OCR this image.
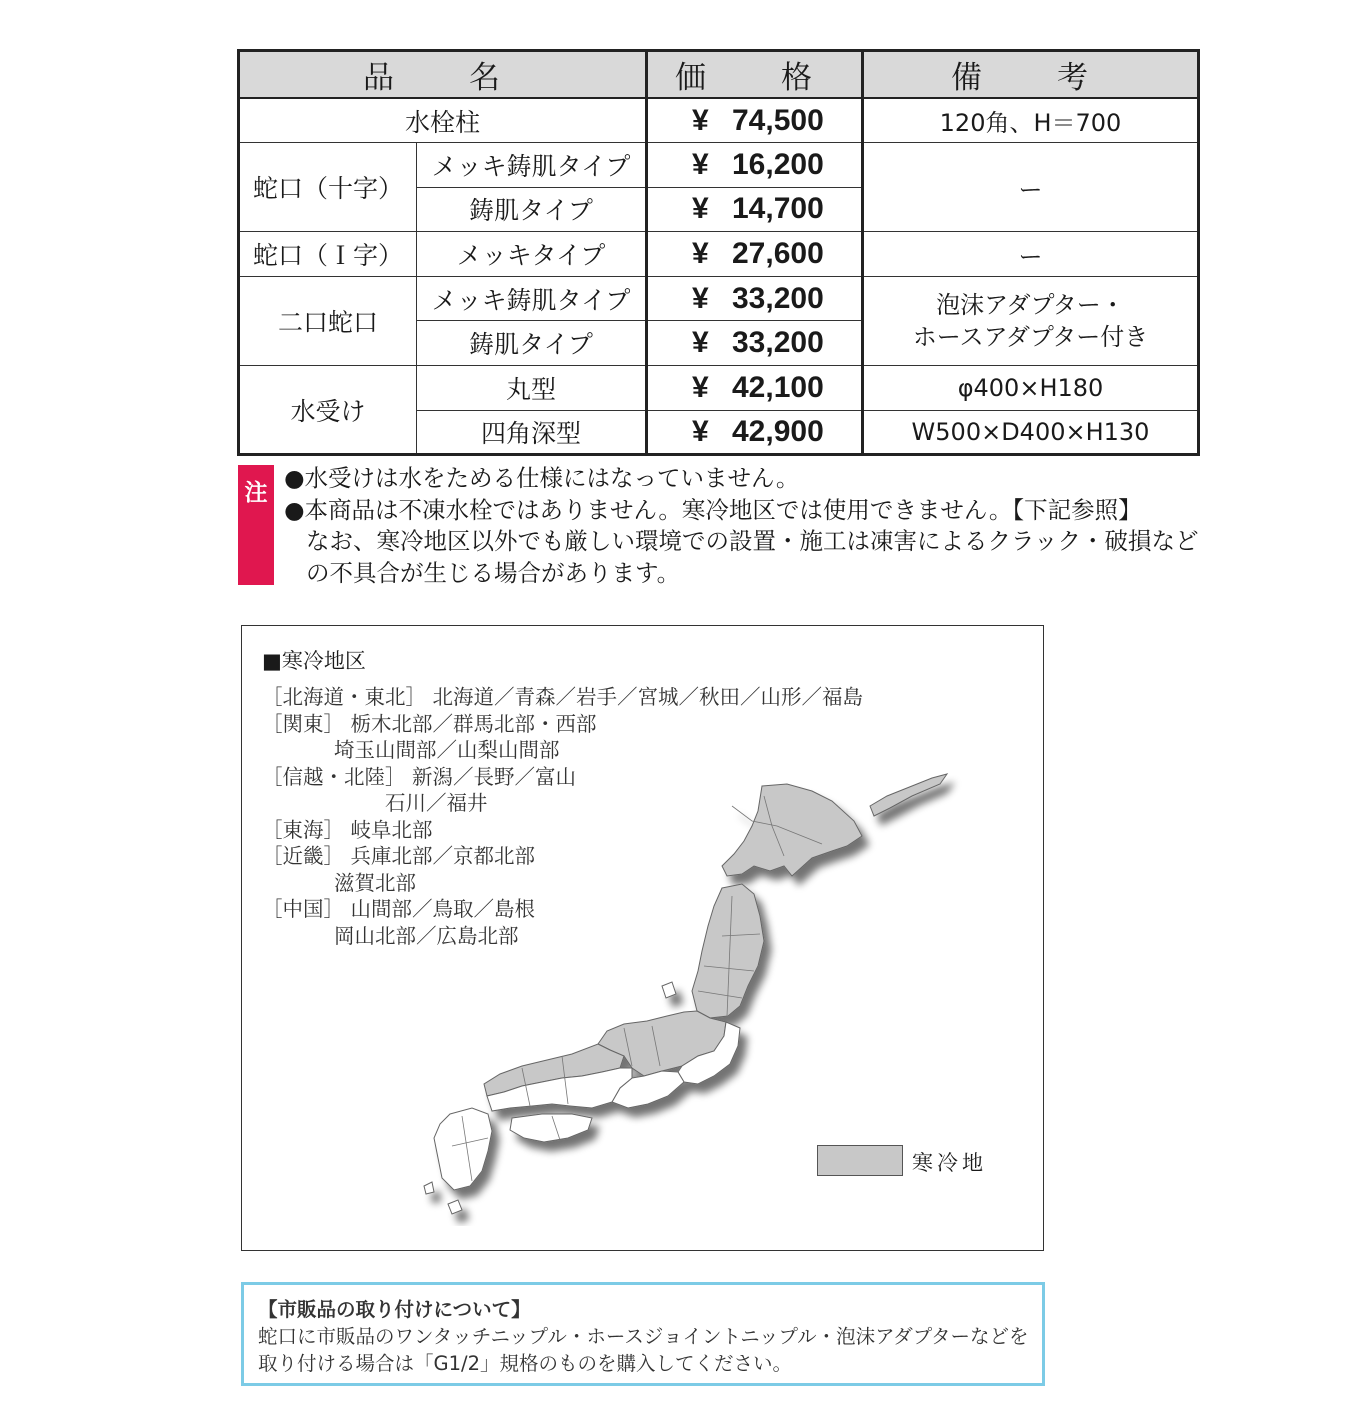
品　名		価　格	備　考
水栓柱		¥ 74,500	120角、H＝700
蛇口（十字）	メッキ鋳肌タイプ	¥ 16,200	ー
	鋳肌タイプ	¥ 14,700	
蛇口（Ｉ字）	メッキタイプ	¥ 27,600	ー
二口蛇口	メッキ鋳肌タイプ	¥ 33,200	泡沫アダプター・
ホースアダプター付き

	鋳肌タイプ	¥ 33,200	
水受け	丸型	¥ 42,100	φ400×H180
	四角深型	¥ 42,900	W500×D400×H130
注
●水受けは水をためる仕様にはなっていません。
●本商品は不凍水栓ではありません。寒冷地区では使用できません。【下記参照】
なお、寒冷地区以外でも厳しい環境での設置・施工は凍害によるクラック・破損など
の不具合が生じる場合があります。
■寒冷地区
［北海道・東北］ 北海道／青森／岩手／宮城／秋田／山形／福島
［関東］ 栃木北部／群馬北部・西部
埼玉山間部／山梨山間部
［信越・北陸］ 新潟／長野／富山
石川／福井
［東海］ 岐阜北部
［近畿］ 兵庫北部／京都北部
滋賀北部
［中国］ 山間部／鳥取／島根
岡山北部／広島北部
寒冷地
【市販品の取り付けについて】
蛇口に市販品のワンタッチニップル・ホースジョイントニップル・泡沫アダプターなどを
取り付ける場合は「G1/2」規格のものを購入してください。
